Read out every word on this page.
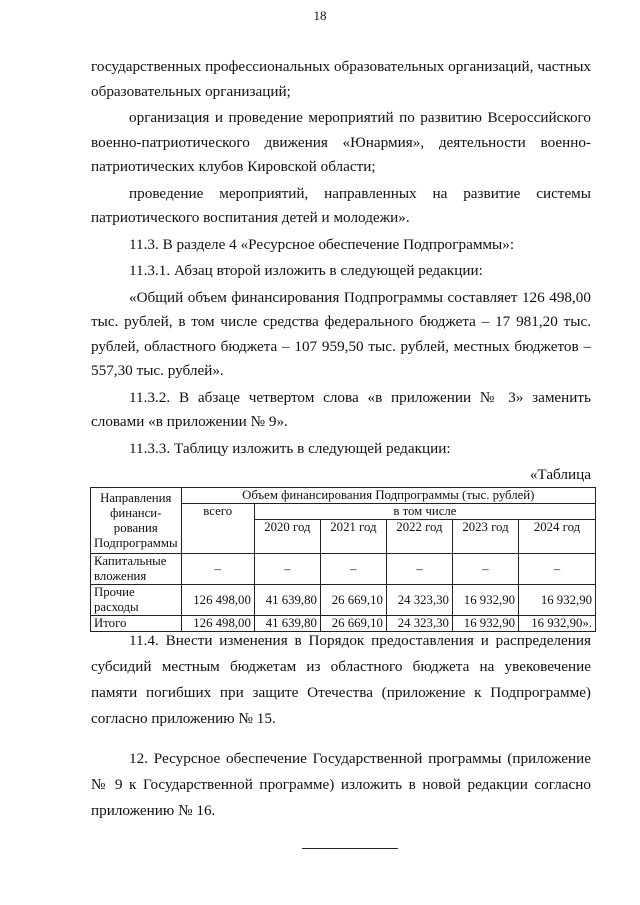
18

государственных профессиональных образовательных организаций, частных образовательных организаций;

организация и проведение мероприятий по развитию Всероссийского военно-патриотического движения «Юнармия», деятельности военно-патриотических клубов Кировской области;

проведение мероприятий, направленных на развитие системы патриотического воспитания детей и молодежи».

11.3. В разделе 4 «Ресурсное обеспечение Подпрограммы»:

11.3.1. Абзац второй изложить в следующей редакции:

«Общий объем финансирования Подпрограммы составляет 126 498,00 тыс. рублей, в том числе средства федерального бюджета – 17 981,20 тыс. рублей, областного бюджета – 107 959,50 тыс. рублей, местных бюджетов – 557,30 тыс. рублей».

11.3.2. В абзаце четвертом слова «в приложении № 3» заменить словами «в приложении № 9».

11.3.3. Таблицу изложить в следующей редакции:

«Таблица

Направления финанси-рования Подпрограммы	Объем финансирования Подпрограммы (тыс. рублей)					
	всего	в том числе				
		2020 год	2021 год	2022 год	2023 год	2024 год
Капитальные вложения	–	–	–	–	–	–
Прочие расходы	126 498,00	41 639,80	26 669,10	24 323,30	16 932,90	16 932,90
Итого	126 498,00	41 639,80	26 669,10	24 323,30	16 932,90	16 932,90».

11.4. Внести изменения в Порядок предоставления и распределения субсидий местным бюджетам из областного бюджета на увековечение памяти погибших при защите Отечества (приложение к Подпрограмме) согласно приложению № 15.

12. Ресурсное обеспечение Государственной программы (приложение № 9 к Государственной программе) изложить в новой редакции согласно приложению № 16.
